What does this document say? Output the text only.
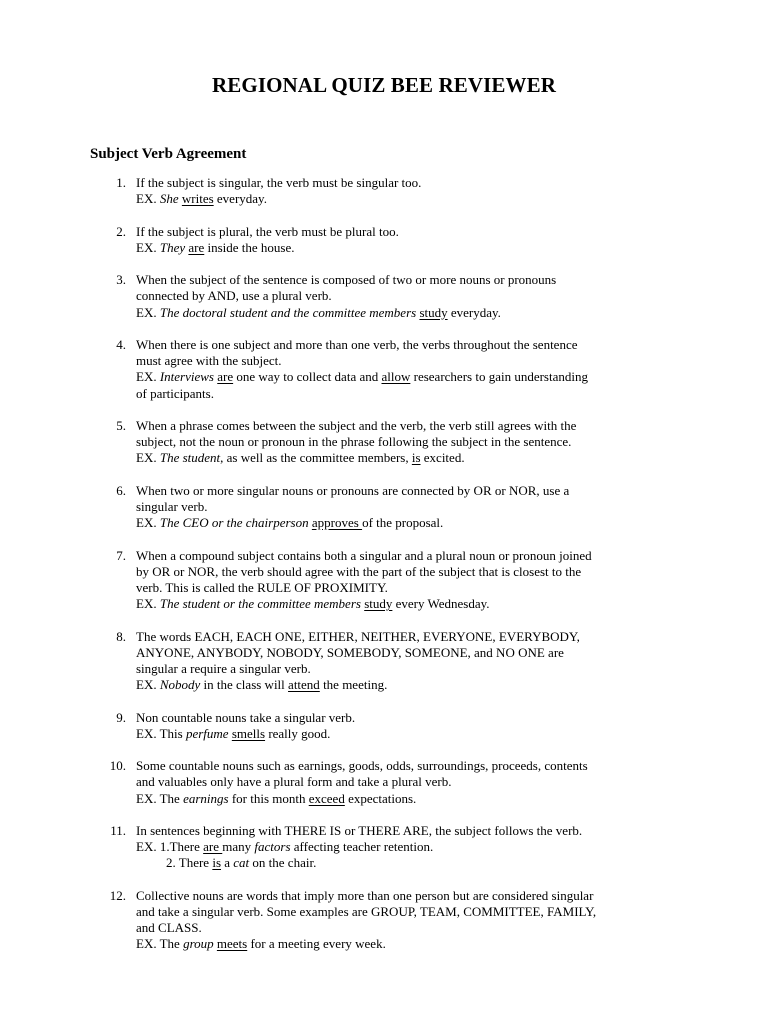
REGIONAL QUIZ BEE REVIEWER
Subject Verb Agreement
1. If the subject is singular, the verb must be singular too.
EX. She writes everyday.
2. If the subject is plural, the verb must be plural too.
EX. They are inside the house.
3. When the subject of the sentence is composed of two or more nouns or pronouns
connected by AND, use a plural verb.
EX. The doctoral student and the committee members study everyday.
4. When there is one subject and more than one verb, the verbs throughout the sentence
must agree with the subject.
EX. Interviews are one way to collect data and allow researchers to gain understanding
of participants.
5. When a phrase comes between the subject and the verb, the verb still agrees with the
subject, not the noun or pronoun in the phrase following the subject in the sentence.
EX. The student, as well as the committee members, is excited.
6. When two or more singular nouns or pronouns are connected by OR or NOR, use a
singular verb.
EX. The CEO or the chairperson approves of the proposal.
7. When a compound subject contains both a singular and a plural noun or pronoun joined
by OR or NOR, the verb should agree with the part of the subject that is closest to the
verb. This is called the RULE OF PROXIMITY.
EX. The student or the committee members study every Wednesday.
8. The words EACH, EACH ONE, EITHER, NEITHER, EVERYONE, EVERYBODY,
ANYONE, ANYBODY, NOBODY, SOMEBODY, SOMEONE, and NO ONE are
singular a require a singular verb.
EX. Nobody in the class will attend the meeting.
9. Non countable nouns take a singular verb.
EX. This perfume smells really good.
10. Some countable nouns such as earnings, goods, odds, surroundings, proceeds, contents
and valuables only have a plural form and take a plural verb.
EX. The earnings for this month exceed expectations.
11. In sentences beginning with THERE IS or THERE ARE, the subject follows the verb.
EX. 1.There are many factors affecting teacher retention.
2. There is a cat on the chair.
12. Collective nouns are words that imply more than one person but are considered singular
and take a singular verb. Some examples are GROUP, TEAM, COMMITTEE, FAMILY,
and CLASS.
EX. The group meets for a meeting every week.
